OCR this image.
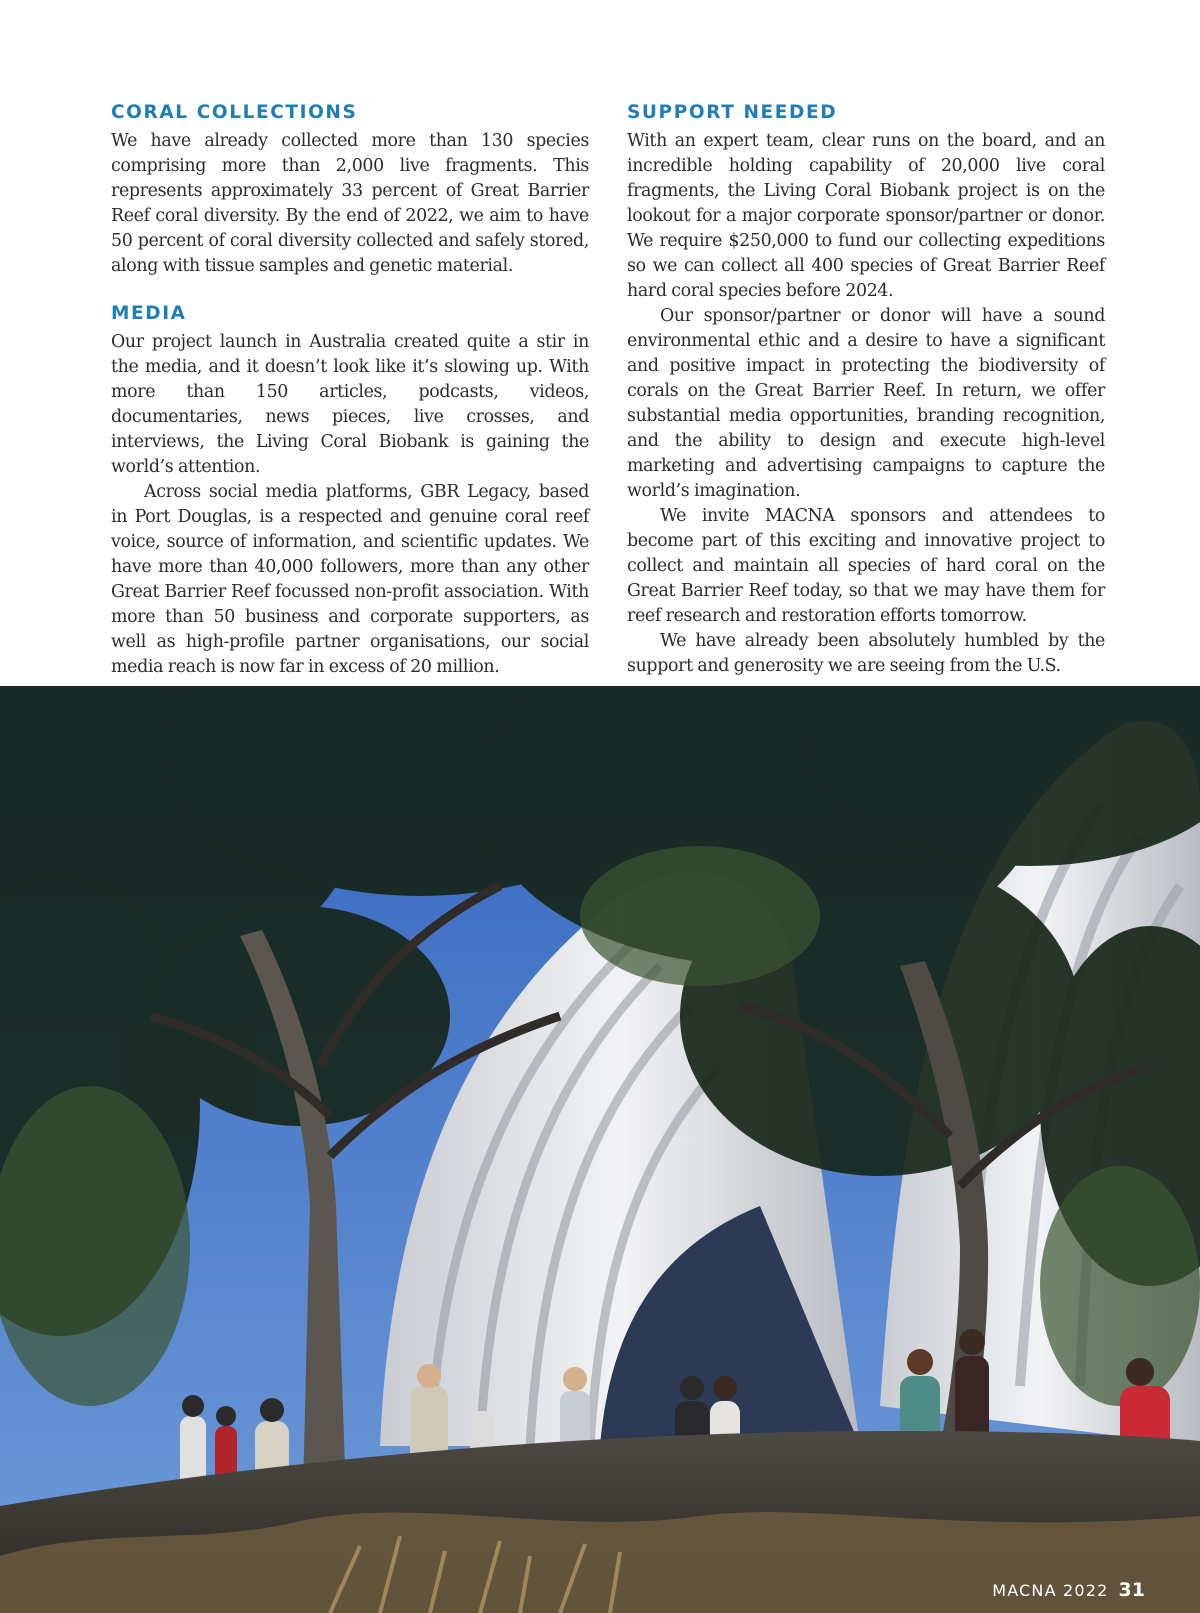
CORAL COLLECTIONS

We have already collected more than 130 species comprising more than 2,000 live fragments. This represents approximately 33 percent of Great Barrier Reef coral diversity. By the end of 2022, we aim to have 50 percent of coral diversity collected and safely stored, along with tissue samples and genetic material.

MEDIA

Our project launch in Australia created quite a stir in the media, and it doesn’t look like it’s slowing up. With more than 150 articles, podcasts, videos, documentaries, news pieces, live crosses, and interviews, the Living Coral Biobank is gaining the world’s attention.

Across social media platforms, GBR Legacy, based in Port Douglas, is a respected and genuine coral reef voice, source of information, and scientific updates. We have more than 40,000 followers, more than any other Great Barrier Reef focussed non-profit association. With more than 50 business and corporate supporters, as well as high-profile partner organisations, our social media reach is now far in excess of 20 million.

SUPPORT NEEDED

With an expert team, clear runs on the board, and an incredible holding capability of 20,000 live coral fragments, the Living Coral Biobank project is on the lookout for a major corporate sponsor/partner or donor. We require $250,000 to fund our collecting expeditions so we can collect all 400 species of Great Barrier Reef hard coral species before 2024.

Our sponsor/partner or donor will have a sound environmental ethic and a desire to have a significant and positive impact in protecting the biodiversity of corals on the Great Barrier Reef. In return, we offer substantial media opportunities, branding recognition, and the ability to design and execute high-level marketing and advertising campaigns to capture the world’s imagination.

We invite MACNA sponsors and attendees to become part of this exciting and innovative project to collect and maintain all species of hard coral on the Great Barrier Reef today, so that we may have them for reef research and restoration efforts tomorrow.

We have already been absolutely humbled by the support and generosity we are seeing from the U.S.

MACNA 2022 31
